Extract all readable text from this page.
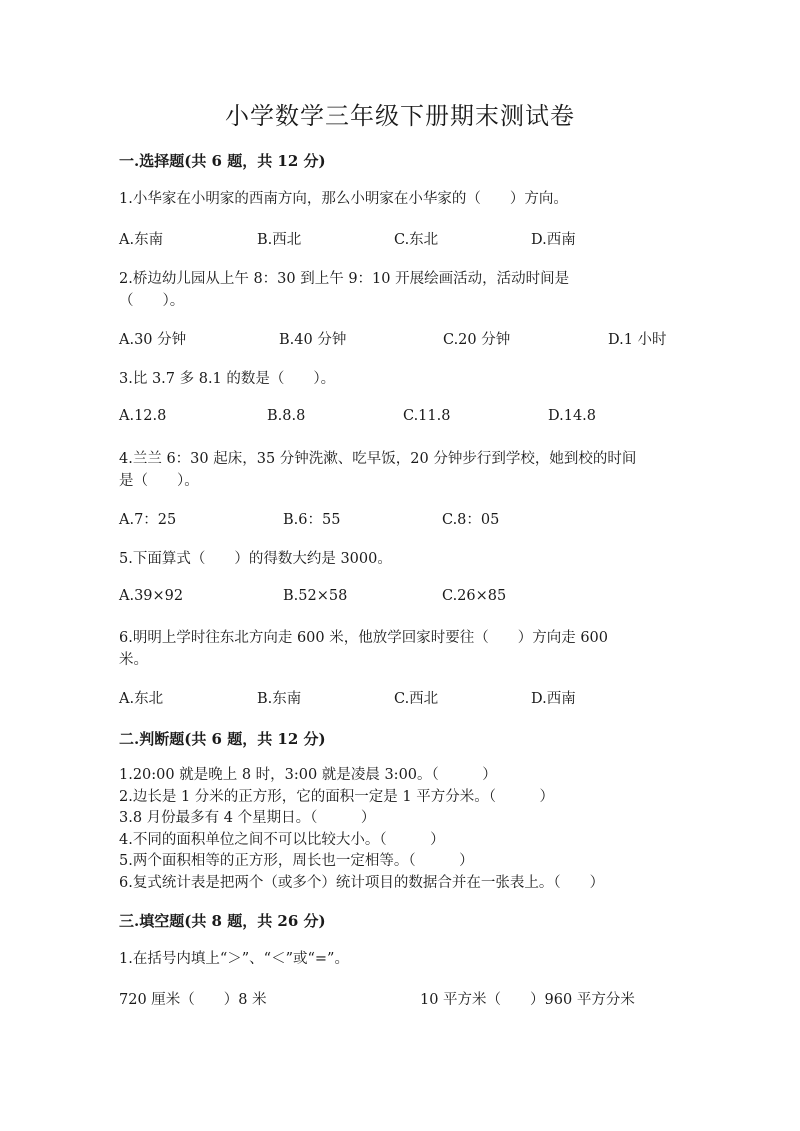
小学数学三年级下册期末测试卷
一.选择题(共 6 题，共 12 分)
1.小华家在小明家的西南方向，那么小明家在小华家的（　　）方向。
A.东南	B.西北	C.东北	D.西南
2.桥边幼儿园从上午 8：30 到上午 9：10 开展绘画活动，活动时间是
（　　）。
A.30 分钟	B.40 分钟	C.20 分钟	D.1 小时
3.比 3.7 多 8.1 的数是（　　）。
A.12.8	B.8.8	C.11.8	D.14.8
4.兰兰 6：30 起床，35 分钟洗漱、吃早饭，20 分钟步行到学校，她到校的时间
是（　　）。
A.7：25	B.6：55	C.8：05
5.下面算式（　　）的得数大约是 3000。
A.39×92	B.52×58	C.26×85
6.明明上学时往东北方向走 600 米，他放学回家时要往（　　）方向走 600
米。
A.东北	B.东南	C.西北	D.西南
二.判断题(共 6 题，共 12 分)
1.20:00 就是晚上 8 时，3:00 就是凌晨 3:00。（　　　）
2.边长是 1 分米的正方形，它的面积一定是 1 平方分米。（　　　）
3.8 月份最多有 4 个星期日。（　　　）
4.不同的面积单位之间不可以比较大小。（　　　）
5.两个面积相等的正方形，周长也一定相等。（　　　）
6.复式统计表是把两个（或多个）统计项目的数据合并在一张表上。（　　）
三.填空题(共 8 题，共 26 分)
1.在括号内填上“＞”、“＜”或“=”。
720 厘米（　　）8 米	10 平方米（　　）960 平方分米
